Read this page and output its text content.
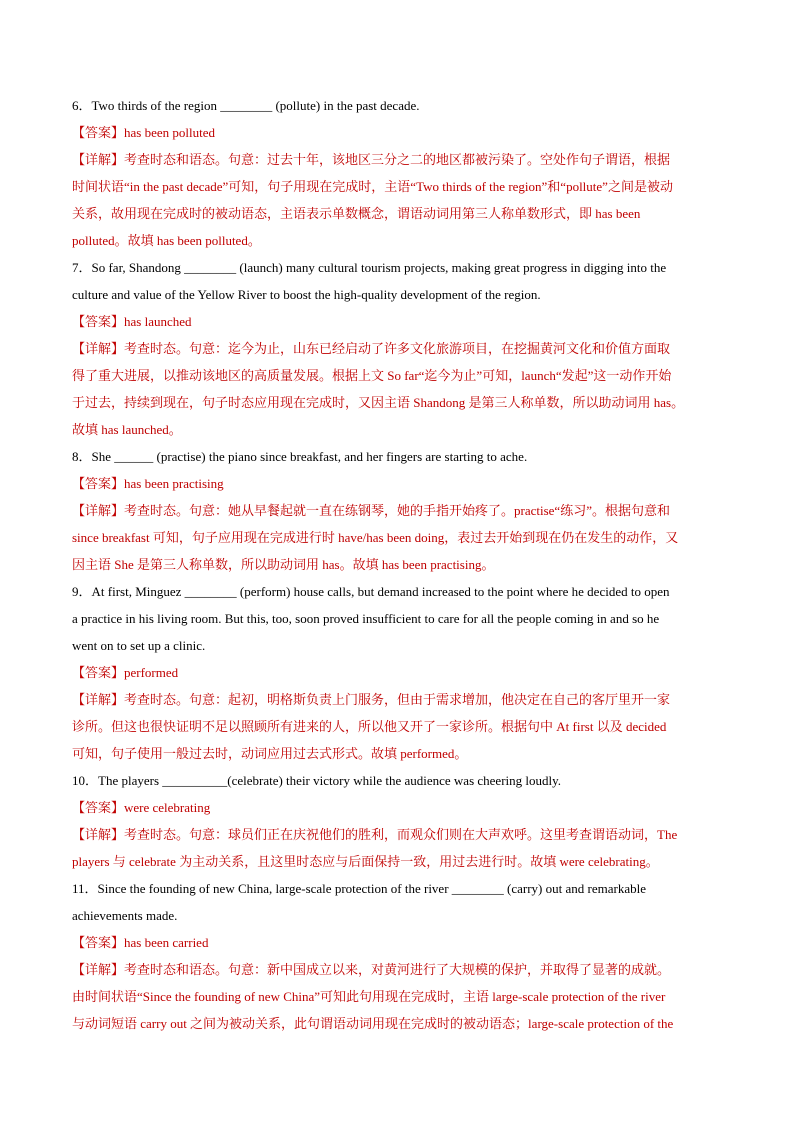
6．Two thirds of the region ________ (pollute) in the past decade.
【答案】has been polluted
【详解】考查时态和语态。句意：过去十年，该地区三分之二的地区都被污染了。空处作句子谓语，根据
时间状语“in the past decade”可知，句子用现在完成时，主语“Two thirds of the region”和“pollute”之间是被动
关系，故用现在完成时的被动语态，主语表示单数概念，谓语动词用第三人称单数形式，即 has been
polluted。故填 has been polluted。
7．So far, Shandong ________ (launch) many cultural tourism projects, making great progress in digging into the
culture and value of the Yellow River to boost the high-quality development of the region.
【答案】has launched
【详解】考查时态。句意：迄今为止，山东已经启动了许多文化旅游项目，在挖掘黄河文化和价值方面取
得了重大进展，以推动该地区的高质量发展。根据上文 So far“迄今为止”可知，launch“发起”这一动作开始
于过去，持续到现在，句子时态应用现在完成时，又因主语 Shandong 是第三人称单数，所以助动词用 has。
故填 has launched。
8．She ______ (practise) the piano since breakfast, and her fingers are starting to ache.
【答案】has been practising
【详解】考查时态。句意：她从早餐起就一直在练钢琴，她的手指开始疼了。practise“练习”。根据句意和
since breakfast 可知，句子应用现在完成进行时 have/has been doing，表过去开始到现在仍在发生的动作，又
因主语 She 是第三人称单数，所以助动词用 has。故填 has been practising。
9．At first, Minguez ________ (perform) house calls, but demand increased to the point where he decided to open
a practice in his living room. But this, too, soon proved insufficient to care for all the people coming in and so he
went on to set up a clinic.
【答案】performed
【详解】考查时态。句意：起初，明格斯负责上门服务，但由于需求增加，他决定在自己的客厅里开一家
诊所。但这也很快证明不足以照顾所有进来的人，所以他又开了一家诊所。根据句中 At first 以及 decided
可知，句子使用一般过去时，动词应用过去式形式。故填 performed。
10．The players __________(celebrate) their victory while the audience was cheering loudly.
【答案】were celebrating
【详解】考查时态。句意：球员们正在庆祝他们的胜利，而观众们则在大声欢呼。这里考查谓语动词，The
players 与 celebrate 为主动关系，且这里时态应与后面保持一致，用过去进行时。故填 were celebrating。
11．Since the founding of new China, large-scale protection of the river ________ (carry) out and remarkable
achievements made.
【答案】has been carried
【详解】考查时态和语态。句意：新中国成立以来，对黄河进行了大规模的保护，并取得了显著的成就。
由时间状语“Since the founding of new China”可知此句用现在完成时，主语 large-scale protection of the river
与动词短语 carry out 之间为被动关系，此句谓语动词用现在完成时的被动语态；large-scale protection of the
